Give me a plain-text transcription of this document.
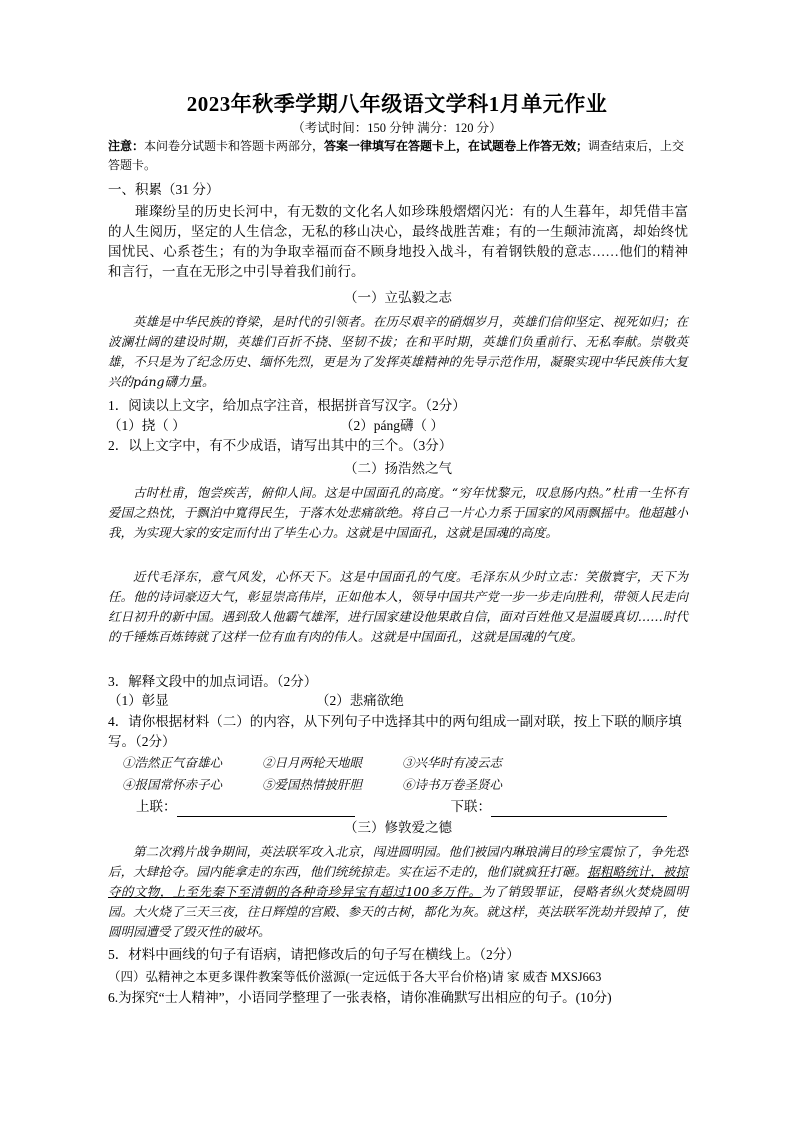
2023年秋季学期八年级语文学科1月单元作业
（考试时间：150 分钟 满分：120 分）
注意：本问卷分试题卡和答题卡两部分，答案一律填写在答题卡上，在试题卷上作答无效；调查结束后，上交答题卡。
一、积累（31 分）
璀璨纷呈的历史长河中，有无数的文化名人如珍珠般熠熠闪光：有的人生暮年，却凭借丰富的人生阅历，坚定的人生信念，无私的移山决心，最终战胜苦难；有的一生颠沛流离，却始终忧国忧民、心系苍生；有的为争取幸福而奋不顾身地投入战斗，有着钢铁般的意志……他们的精神和言行，一直在无形之中引导着我们前行。
（一）立弘毅之志
英雄是中华民族的脊梁，是时代的引领者。在历尽艰辛的硝烟岁月，英雄们信仰坚定、视死如归；在波澜壮阔的建设时期，英雄们百折不挠、坚韧不拔；在和平时期，英雄们负重前行、无私奉献。崇敬英雄，不只是为了纪念历史、缅怀先烈，更是为了发挥英雄精神的先导示范作用，凝聚实现中华民族伟大复兴的páng礴力量。
1．阅读以上文字，给加点字注音，根据拼音写汉字。（2分）
（1）挠（ ）	（2）páng礴（ ）
2．以上文字中，有不少成语，请写出其中的三个。（3分）
（二）扬浩然之气
古时杜甫，饱尝疾苦，俯仰人间。这是中国面孔的高度。“穷年忧黎元，叹息肠内热。”杜甫一生怀有爱国之热忱，于飘泊中寬得民生，于落木处悲痛欲绝。将自己一片心力系于国家的风雨飘摇中。他超越小我，为实现大家的安定而付出了毕生心力。这就是中国面孔，这就是国魂的高度。
近代毛泽东，意气风发，心怀天下。这是中国面孔的气度。毛泽东从少时立志：笑傲寰宇，天下为任。他的诗词豪迈大气，彰显崇高伟岸，正如他本人，领导中国共产党一步一步走向胜利，带领人民走向红日初升的新中国。遇到敌人他霸气雄浑，进行国家建设他果敢自信，面对百姓他又是温暖真切……时代的千锤炼百炼铸就了这样一位有血有肉的伟人。这就是中国面孔，这就是国魂的气度。
3．解释文段中的加点词语。（2分）
（1）彰显	（2）悲痛欲绝
4．请你根据材料（二）的内容，从下列句子中选择其中的两句组成一副对联，按上下联的顺序填写。（2分）
①浩然正气奋雄心	②日月两轮天地眼	③兴华时有凌云志
④报国常怀赤子心	⑤爱国热情披肝胆	⑥诗书万卷圣贤心
上联：	下联：
（三）修敦爱之德
第二次鸦片战争期间，英法联军攻入北京，闯进圆明园。他们被园内琳琅满目的珍宝震惊了，争先恐后，大肆抢夺。园内能拿走的东西，他们统统掠走。实在运不走的，他们就疯狂打砸。据粗略统计，被掠夺的文物，上至先秦下至清朝的各种奇珍异宝有超过100多万件。为了销毁罪证，侵略者纵火焚烧圆明园。大火烧了三天三夜，往日辉煌的宫殿、参天的古树，都化为灰。就这样，英法联军洗劫并毁掉了，使圆明园遭受了毁灭性的破坏。
5．材料中画线的句子有语病，请把修改后的句子写在横线上。（2分）
（四）弘精神之本更多课件教案等低价滋源(一定远低于各大平台价格)请 家 威杳 MXSJ663
6.为探究“士人精神”，小语同学整理了一张表格，请你准确默写出相应的句子。(10分)
